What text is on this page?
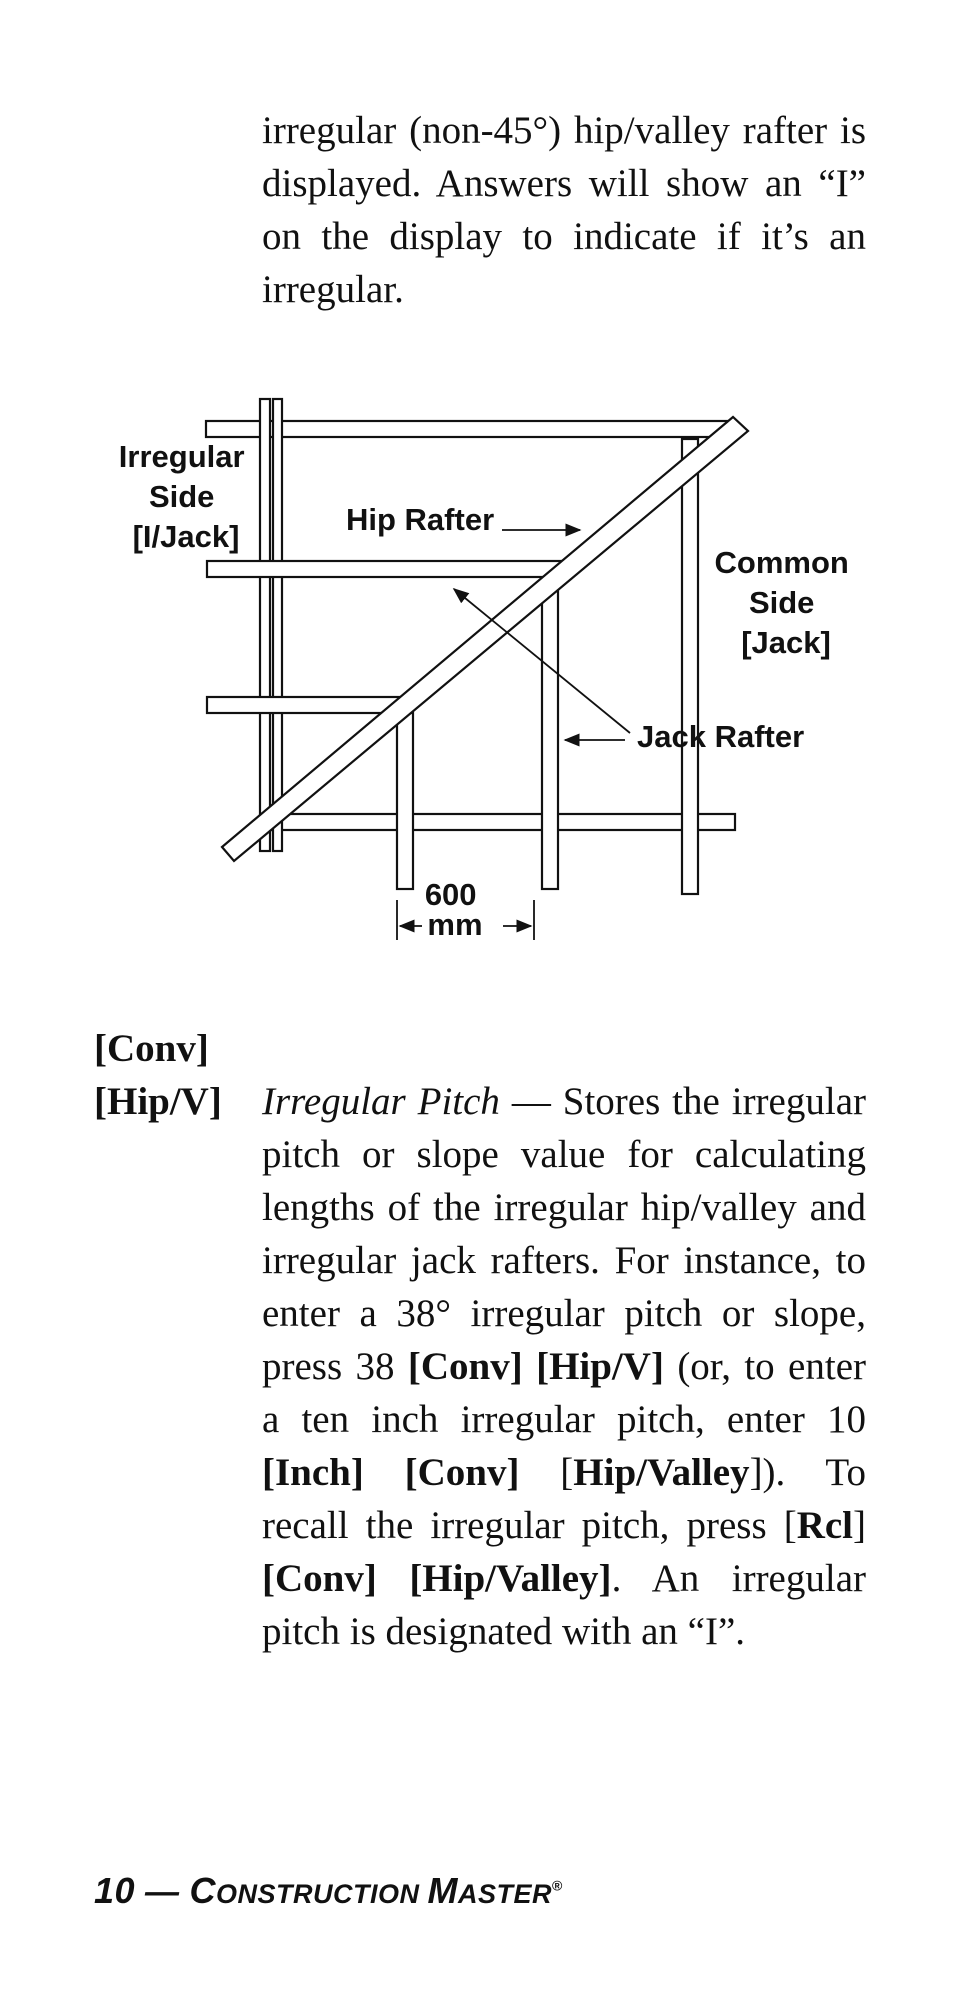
irregular (non-45°) hip/valley rafter is displayed. Answers will show an “I” on the display to indicate if it’s an irregular.

Irregular Side [I/Jack]	Hip Rafter
Common Side [Jack]
Jack Rafter
600 mm
[Conv]
[Hip/V] Irregular Pitch — Stores the irregular pitch or slope value for calculating lengths of the irregular hip/valley and irregular jack rafters. For instance, to enter a 38° irregular pitch or slope, press 38 [Conv] [Hip/V] (or, to enter a ten inch irregular pitch, enter 10 [Inch] [Conv] [Hip/Valley]). To recall the irregular pitch, press [Rcl] [Conv] [Hip/Valley]. An irregular pitch is designated with an “I”.

10 — CONSTRUCTION MASTER®
